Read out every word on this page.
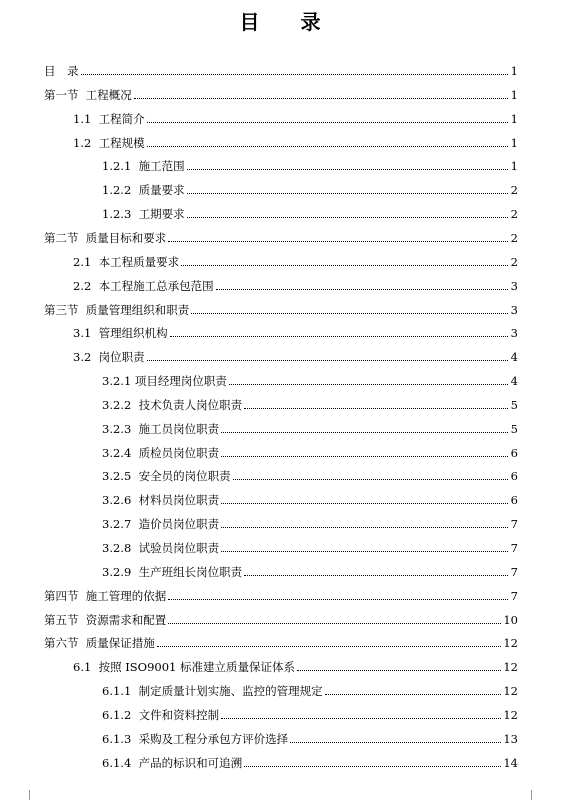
目 录
目　录	1
第一节  工程概况	1
1.1  工程简介	1
1.2  工程规模	1
1.2.1  施工范围	1
1.2.2  质量要求	2
1.2.3  工期要求	2
第二节  质量目标和要求	2
2.1  本工程质量要求	2
2.2  本工程施工总承包范围	3
第三节  质量管理组织和职责	3
3.1  管理组织机构	3
3.2  岗位职责	4
3.2.1 项目经理岗位职责	4
3.2.2  技术负责人岗位职责	5
3.2.3  施工员岗位职责	5
3.2.4  质检员岗位职责	6
3.2.5  安全员的岗位职责	6
3.2.6  材料员岗位职责	6
3.2.7  造价员岗位职责	7
3.2.8  试验员岗位职责	7
3.2.9  生产班组长岗位职责	7
第四节  施工管理的依据	7
第五节  资源需求和配置	10
第六节  质量保证措施	12
6.1  按照 ISO9001 标准建立质量保证体系	12
6.1.1  制定质量计划实施、监控的管理规定	12
6.1.2  文件和资料控制	12
6.1.3  采购及工程分承包方评价选择	13
6.1.4  产品的标识和可追溯	14
